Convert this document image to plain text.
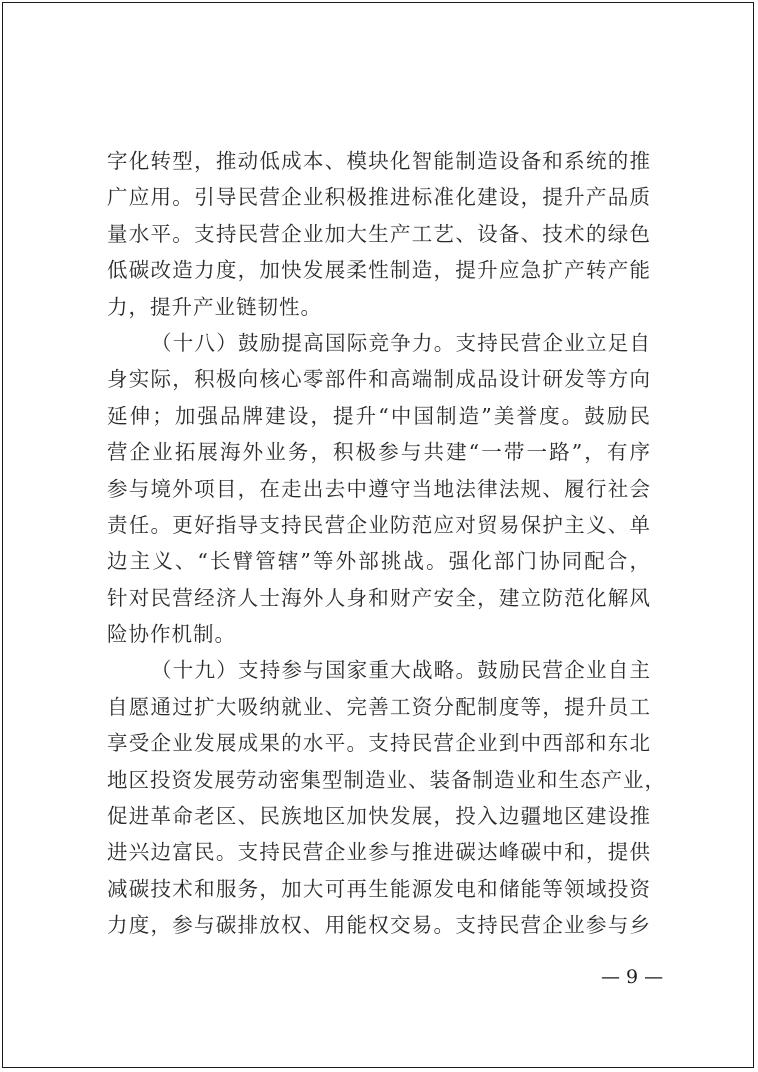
字化转型，推动低成本、模块化智能制造设备和系统的推
广应用。引导民营企业积极推进标准化建设，提升产品质
量水平。支持民营企业加大生产工艺、设备、技术的绿色
低碳改造力度，加快发展柔性制造，提升应急扩产转产能
力，提升产业链韧性。
（十八）鼓励提高国际竞争力。支持民营企业立足自
身实际，积极向核心零部件和高端制成品设计研发等方向
延伸；加强品牌建设，提升“中国制造”美誉度。鼓励民
营企业拓展海外业务，积极参与共建“一带一路”，有序
参与境外项目，在走出去中遵守当地法律法规、履行社会
责任。更好指导支持民营企业防范应对贸易保护主义、单
边主义、“长臂管辖”等外部挑战。强化部门协同配合，
针对民营经济人士海外人身和财产安全，建立防范化解风
险协作机制。
（十九）支持参与国家重大战略。鼓励民营企业自主
自愿通过扩大吸纳就业、完善工资分配制度等，提升员工
享受企业发展成果的水平。支持民营企业到中西部和东北
地区投资发展劳动密集型制造业、装备制造业和生态产业，
促进革命老区、民族地区加快发展，投入边疆地区建设推
进兴边富民。支持民营企业参与推进碳达峰碳中和，提供
减碳技术和服务，加大可再生能源发电和储能等领域投资
力度，参与碳排放权、用能权交易。支持民营企业参与乡
— 9 —
